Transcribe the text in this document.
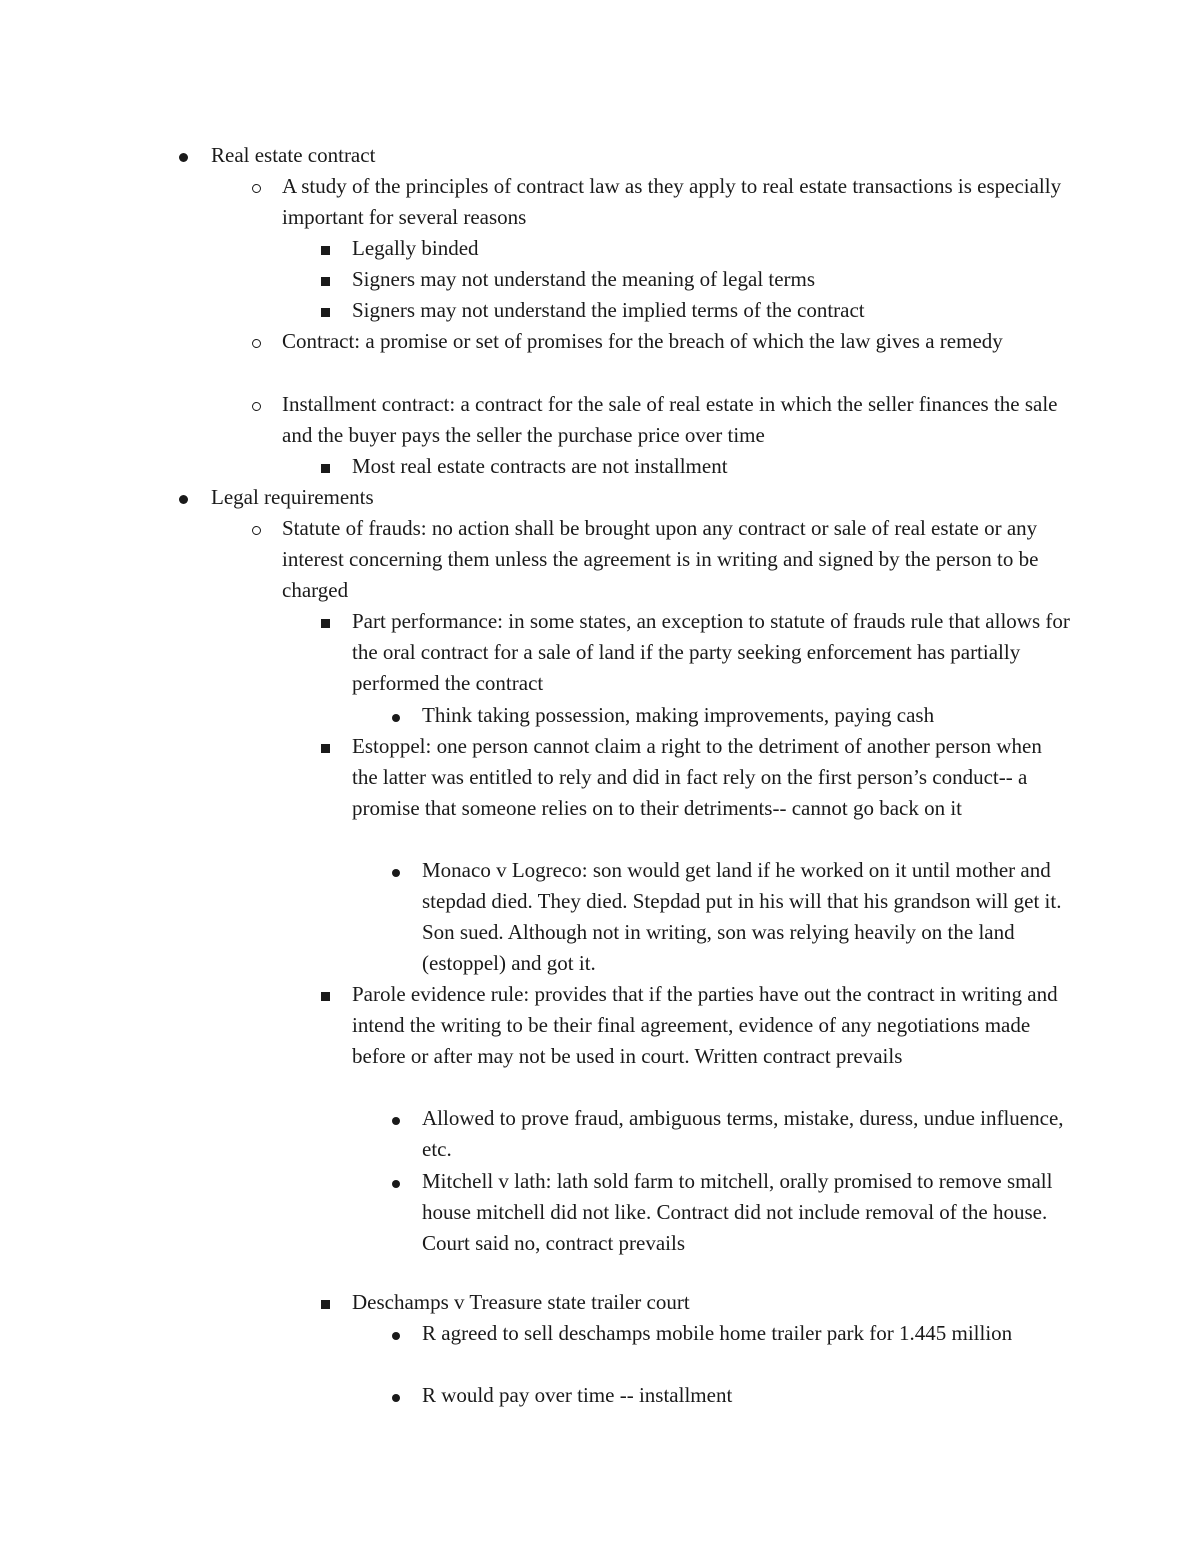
Real estate contract
A study of the principles of contract law as they apply to real estate transactions is especially important for several reasons
Legally binded
Signers may not understand the meaning of legal terms
Signers may not understand the implied terms of the contract
Contract: a promise or set of promises for the breach of which the law gives a remedy
Installment contract: a contract for the sale of real estate in which the seller finances the sale and the buyer pays the seller the purchase price over time
Most real estate contracts are not installment
Legal requirements
Statute of frauds: no action shall be brought upon any contract or sale of real estate or any interest concerning them unless the agreement is in writing and signed by the person to be charged
Part performance: in some states, an exception to statute of frauds rule that allows for the oral contract for a sale of land if the party seeking enforcement has partially performed the contract
Think taking possession, making improvements, paying cash
Estoppel: one person cannot claim a right to the detriment of another person when the latter was entitled to rely and did in fact rely on the first person’s conduct-- a promise that someone relies on to their detriments-- cannot go back on it
Monaco v Logreco: son would get land if he worked on it until mother and stepdad died. They died. Stepdad put in his will that his grandson will get it. Son sued. Although not in writing, son was relying heavily on the land (estoppel) and got it.
Parole evidence rule: provides that if the parties have out the contract in writing and intend the writing to be their final agreement, evidence of any negotiations made before or after may not be used in court. Written contract prevails
Allowed to prove fraud, ambiguous terms, mistake, duress, undue influence, etc.
Mitchell v lath: lath sold farm to mitchell, orally promised to remove small house mitchell did not like. Contract did not include removal of the house. Court said no, contract prevails
Deschamps v Treasure state trailer court
R agreed to sell deschamps mobile home trailer park for 1.445 million
R would pay over time -- installment
